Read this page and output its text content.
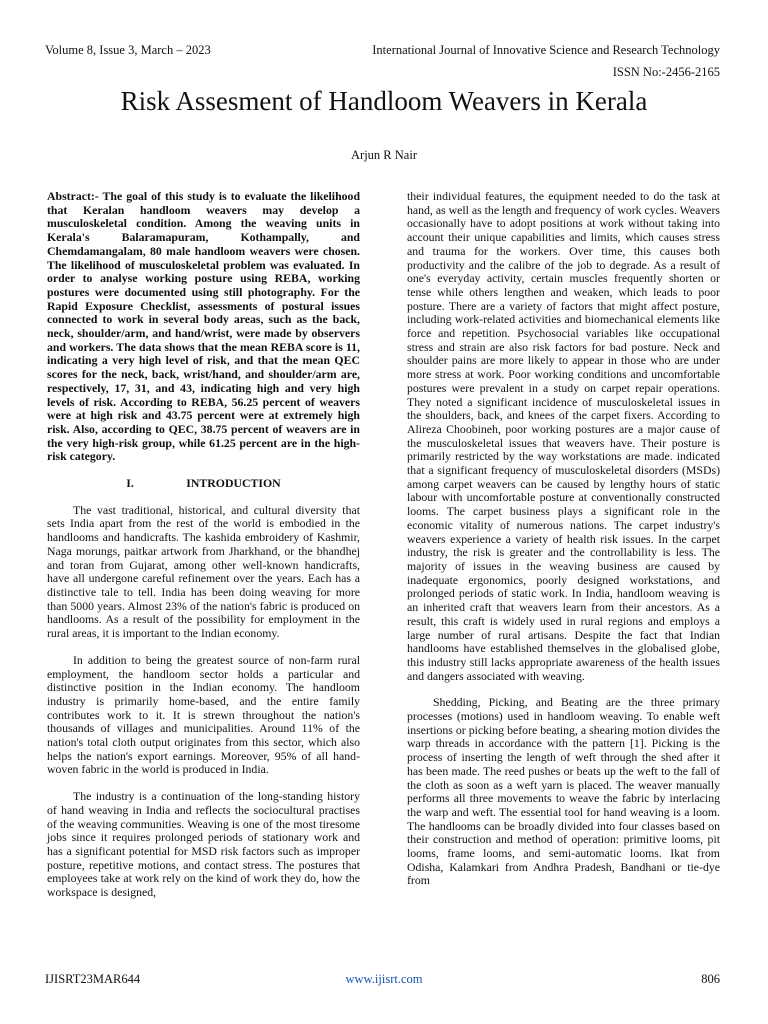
Volume 8, Issue 3, March – 2023	International Journal of Innovative Science and Research Technology
ISSN No:-2456-2165
Risk Assesment of Handloom Weavers in Kerala
Arjun R Nair

Abstract:- The goal of this study is to evaluate the likelihood that Keralan handloom weavers may develop a musculoskeletal condition. Among the weaving units in Kerala's Balaramapuram, Kothampally, and Chemdamangalam, 80 male handloom weavers were chosen. The likelihood of musculoskeletal problem was evaluated. In order to analyse working posture using REBA, working postures were documented using still photography. For the Rapid Exposure Checklist, assessments of postural issues connected to work in several body areas, such as the back, neck, shoulder/arm, and hand/wrist, were made by observers and workers. The data shows that the mean REBA score is 11, indicating a very high level of risk, and that the mean QEC scores for the neck, back, wrist/hand, and shoulder/arm are, respectively, 17, 31, and 43, indicating high and very high levels of risk. According to REBA, 56.25 percent of weavers were at high risk and 43.75 percent were at extremely high risk. Also, according to QEC, 38.75 percent of weavers are in the very high-risk group, while 61.25 percent are in the high-risk category.

I.	INTRODUCTION

The vast traditional, historical, and cultural diversity that sets India apart from the rest of the world is embodied in the handlooms and handicrafts. The kashida embroidery of Kashmir, Naga morungs, paitkar artwork from Jharkhand, or the bhandhej and toran from Gujarat, among other well-known handicrafts, have all undergone careful refinement over the years. Each has a distinctive tale to tell. India has been doing weaving for more than 5000 years. Almost 23% of the nation's fabric is produced on handlooms. As a result of the possibility for employment in the rural areas, it is important to the Indian economy.

In addition to being the greatest source of non-farm rural employment, the handloom sector holds a particular and distinctive position in the Indian economy. The handloom industry is primarily home-based, and the entire family contributes work to it. It is strewn throughout the nation's thousands of villages and municipalities. Around 11% of the nation's total cloth output originates from this sector, which also helps the nation's export earnings. Moreover, 95% of all hand-woven fabric in the world is produced in India.

The industry is a continuation of the long-standing history of hand weaving in India and reflects the sociocultural practises of the weaving communities. Weaving is one of the most tiresome jobs since it requires prolonged periods of stationary work and has a significant potential for MSD risk factors such as improper posture, repetitive motions, and contact stress. The postures that employees take at work rely on the kind of work they do, how the workspace is designed,

their individual features, the equipment needed to do the task at hand, as well as the length and frequency of work cycles. Weavers occasionally have to adopt positions at work without taking into account their unique capabilities and limits, which causes stress and trauma for the workers. Over time, this causes both productivity and the calibre of the job to degrade. As a result of one's everyday activity, certain muscles frequently shorten or tense while others lengthen and weaken, which leads to poor posture. There are a variety of factors that might affect posture, including work-related activities and biomechanical elements like force and repetition. Psychosocial variables like occupational stress and strain are also risk factors for bad posture. Neck and shoulder pains are more likely to appear in those who are under more stress at work. Poor working conditions and uncomfortable postures were prevalent in a study on carpet repair operations. They noted a significant incidence of musculoskeletal issues in the shoulders, back, and knees of the carpet fixers. According to Alireza Choobineh, poor working postures are a major cause of the musculoskeletal issues that weavers have. Their posture is primarily restricted by the way workstations are made. indicated that a significant frequency of musculoskeletal disorders (MSDs) among carpet weavers can be caused by lengthy hours of static labour with uncomfortable posture at conventionally constructed looms. The carpet business plays a significant role in the economic vitality of numerous nations. The carpet industry's weavers experience a variety of health risk issues. In the carpet industry, the risk is greater and the controllability is less. The majority of issues in the weaving business are caused by inadequate ergonomics, poorly designed workstations, and prolonged periods of static work. In India, handloom weaving is an inherited craft that weavers learn from their ancestors. As a result, this craft is widely used in rural regions and employs a large number of rural artisans. Despite the fact that Indian handlooms have established themselves in the globalised globe, this industry still lacks appropriate awareness of the health issues and dangers associated with weaving.

Shedding, Picking, and Beating are the three primary processes (motions) used in handloom weaving. To enable weft insertions or picking before beating, a shearing motion divides the warp threads in accordance with the pattern [1]. Picking is the process of inserting the length of weft through the shed after it has been made. The reed pushes or beats up the weft to the fall of the cloth as soon as a weft yarn is placed. The weaver manually performs all three movements to weave the fabric by interlacing the warp and weft. The essential tool for hand weaving is a loom. The handlooms can be broadly divided into four classes based on their construction and method of operation: primitive looms, pit looms, frame looms, and semi-automatic looms. Ikat from Odisha, Kalamkari from Andhra Pradesh, Bandhani or tie-dye from

IJISRT23MAR644	www.ijisrt.com	806
